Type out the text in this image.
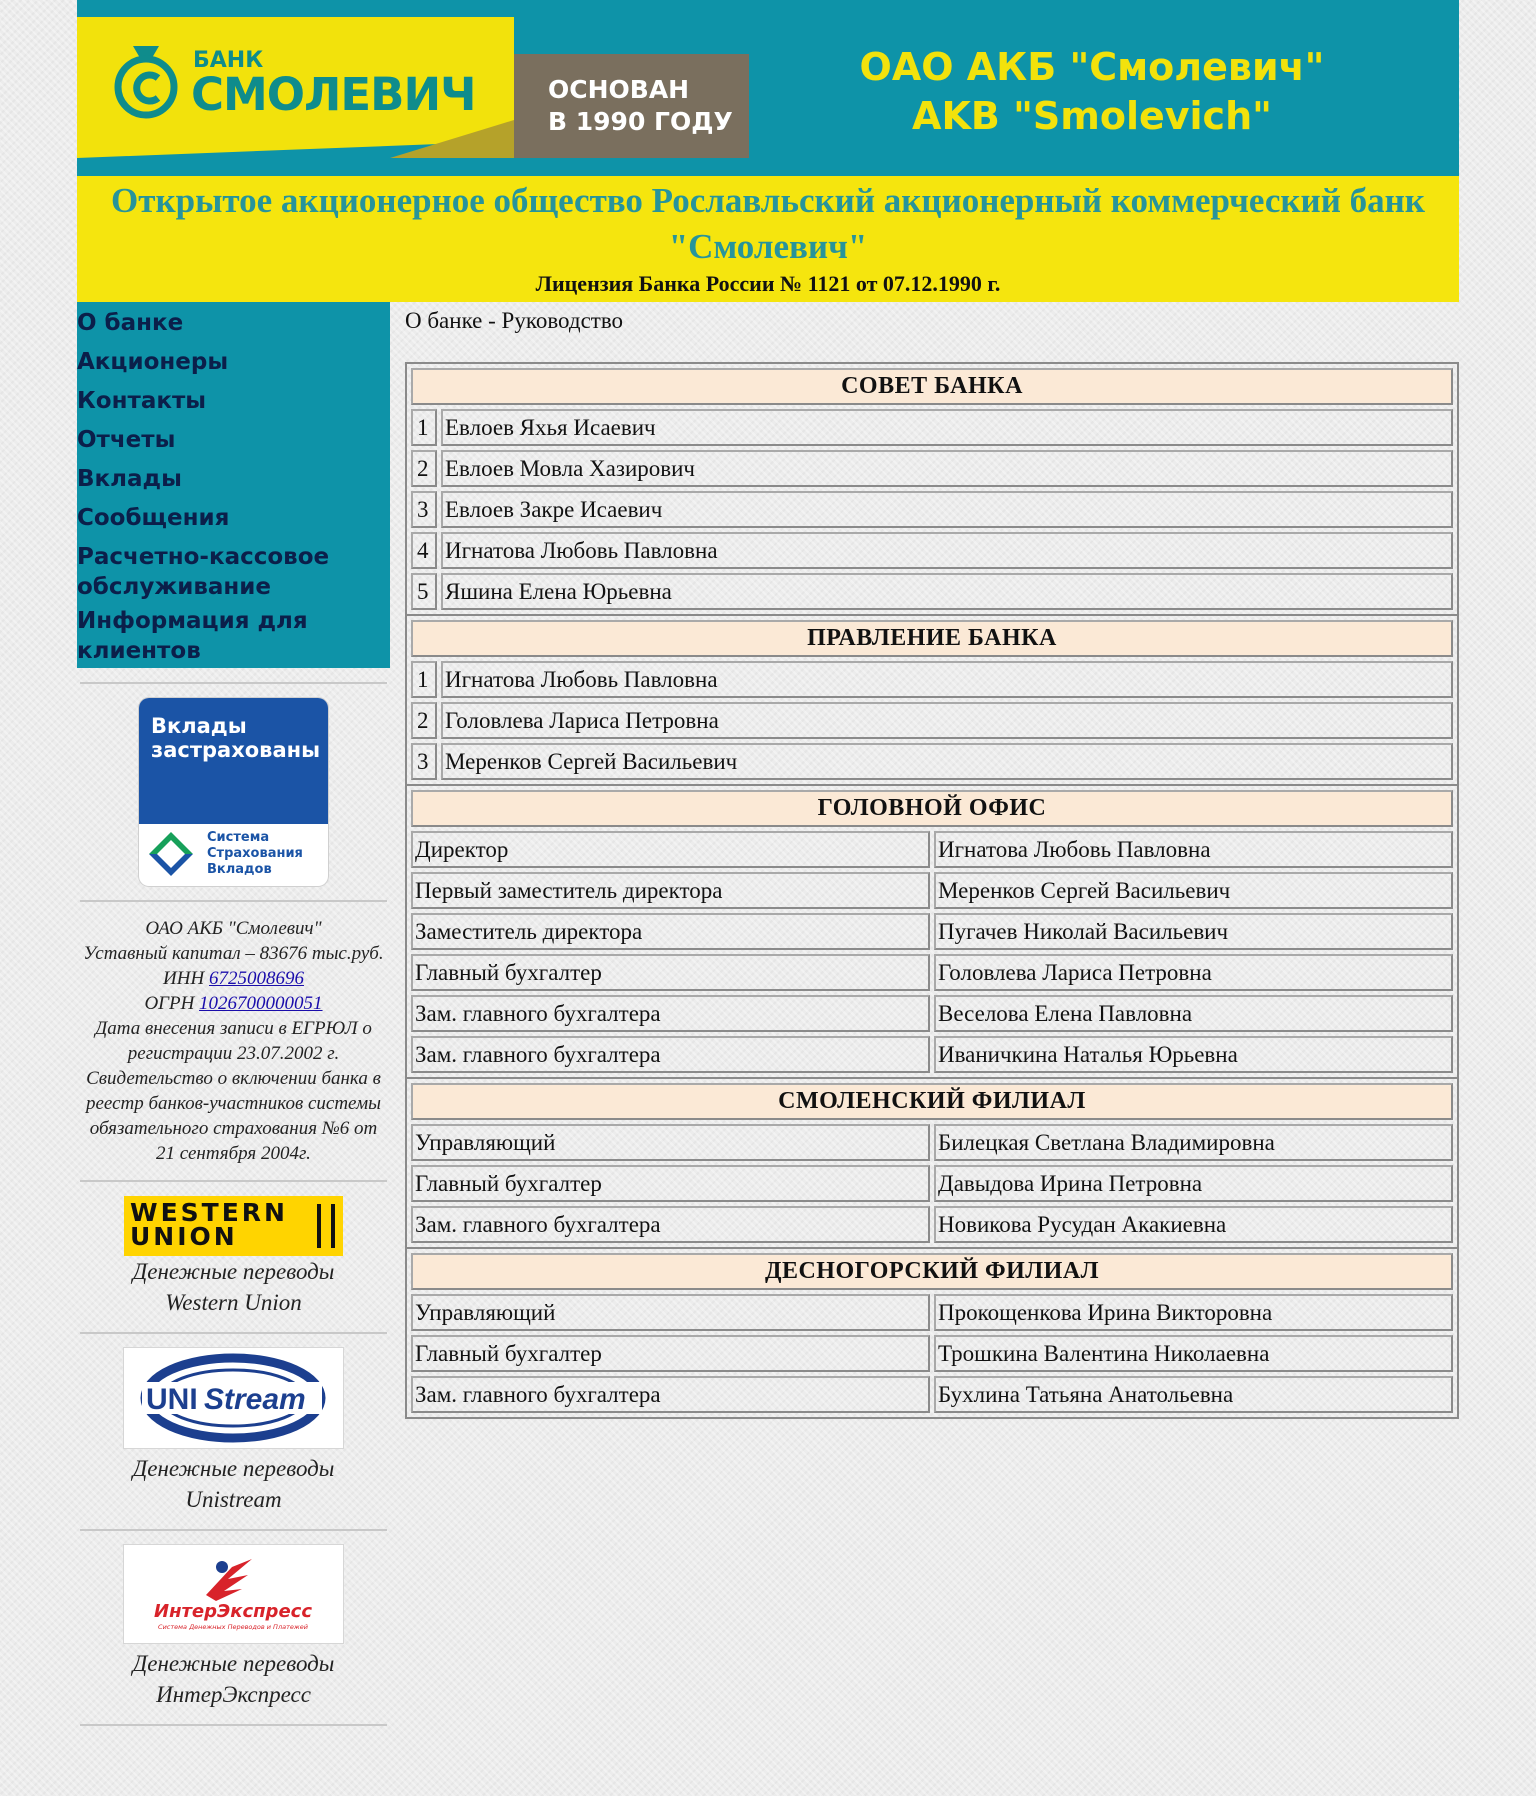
БАНК
СМОЛЕВИЧ	ОСНОВАН
В 1990 ГОДУ
ОАО АКБ "Смолевич"
AKB "Smolevich"
Открытое акционерное общество Рославльский акционерный коммерческий банк "Смолевич"
Лицензия Банка России № 1121 от 07.12.1990 г.
О банке
Акционеры
Контакты
Отчеты
Вклады
Сообщения
Расчетно-кассовое обслуживание
Информация для клиентов
Вклады застрахованы
Система
Страхования
Вкладов
ОАО АКБ "Смолевич"
Уставный капитал – 83676 тыс.руб.
ИНН 6725008696
ОГРН 1026700000051
Дата внесения записи в ЕГРЮЛ о регистрации 23.07.2002 г.
Свидетельство о включении банка в реестр банков-участников системы обязательного страхования №6 от 21 сентября 2004г.
WESTERN
UNION
Денежные переводы
Western Union
UNI Stream
Денежные переводы
Unistream
ИнтерЭкспресс
Система Денежных Переводов и Платежей
Денежные переводы
ИнтерЭкспресс
О банке - Руководство
СОВЕТ БАНКА	
1	Евлоев Яхья Исаевич
2	Евлоев Мовла Хазирович
3	Евлоев Закре Исаевич
4	Игнатова Любовь Павловна
5	Яшина Елена Юрьевна
ПРАВЛЕНИЕ БАНКА	
1	Игнатова Любовь Павловна
2	Головлева Лариса Петровна
3	Меренков Сергей Васильевич
ГОЛОВНОЙ ОФИС	
Директор	Игнатова Любовь Павловна
Первый заместитель директора	Меренков Сергей Васильевич
Заместитель директора	Пугачев Николай Васильевич
Главный бухгалтер	Головлева Лариса Петровна
Зам. главного бухгалтера	Веселова Елена Павловна
Зам. главного бухгалтера	Иваничкина Наталья Юрьевна
СМОЛЕНСКИЙ ФИЛИАЛ	
Управляющий	Билецкая Светлана Владимировна
Главный бухгалтер	Давыдова Ирина Петровна
Зам. главного бухгалтера	Новикова Русудан Акакиевна
ДЕСНОГОРСКИЙ ФИЛИАЛ	
Управляющий	Прокощенкова Ирина Викторовна
Главный бухгалтер	Трошкина Валентина Николаевна
Зам. главного бухгалтера	Бухлина Татьяна Анатольевна
